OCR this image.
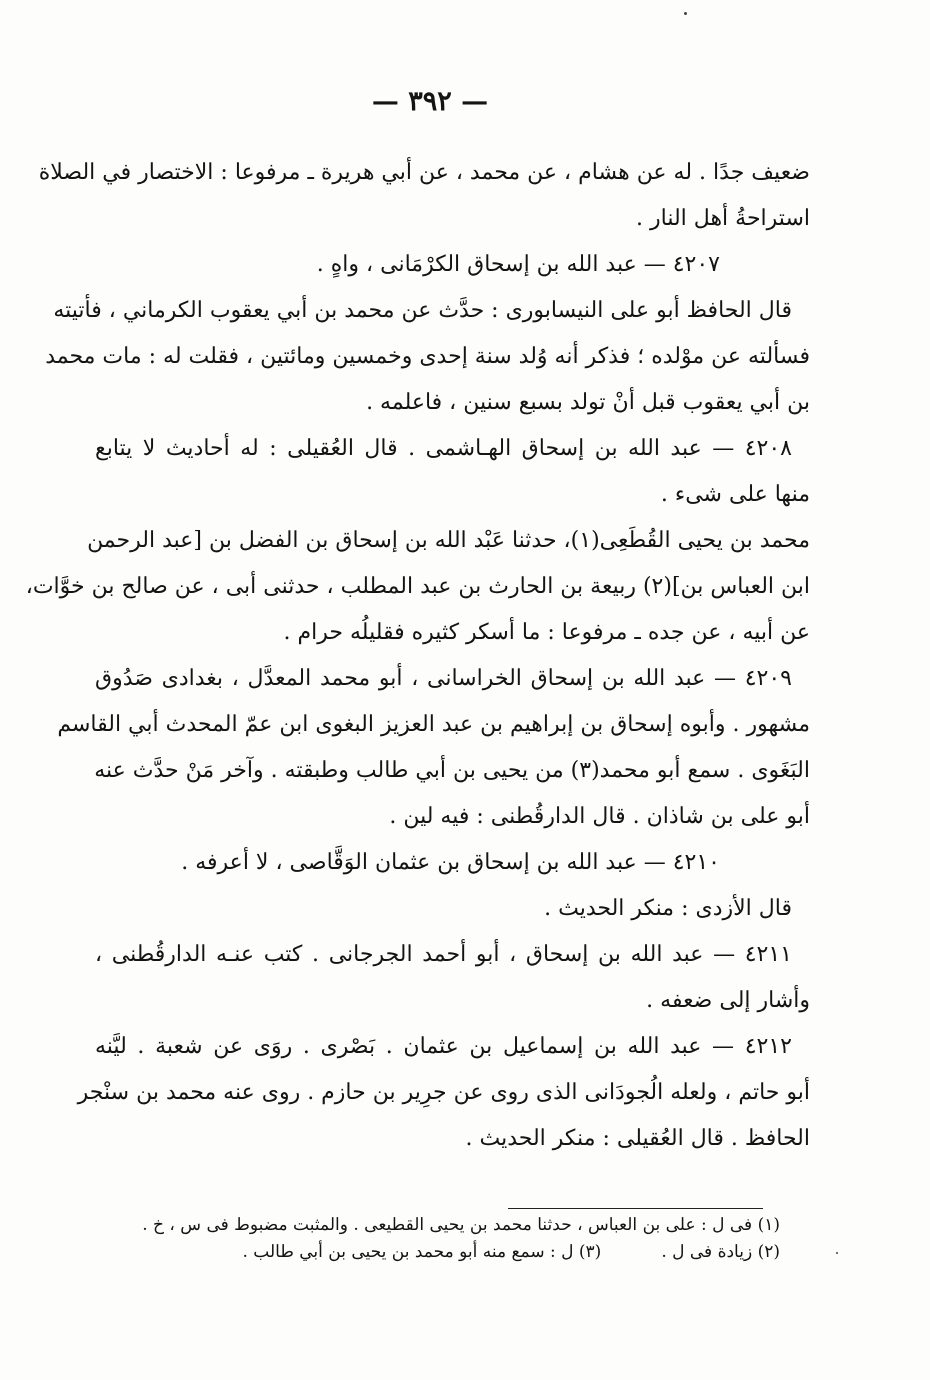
— ٣٩٢ —
ضعيف جدًا . له عن هشام ، عن محمد ، عن أبي هريرة ـ مرفوعا : الاختصار في الصلاة
استراحةُ أهل النار .
٤٢٠٧ — عبد الله بن إسحاق الكرْمَانى ، واهٍ .
قال الحافظ أبو على النيسابورى : حدَّث عن محمد بن أبي يعقوب الكرماني ، فأتيته
فسألته عن موْلده ؛ فذكر أنه وُلد سنة إحدى وخمسين ومائتين ، فقلت له : مات محمد
بن أبي يعقوب قبل أنْ تولد بسبع سنين ، فاعلمه .
٤٢٠٨ — عبد الله بن إسحاق الهـاشمى . قال العُقيلى : له أحاديث لا يتابع
منها على شىء .
محمد بن يحيى القُطَعِى(١)، حدثنا عَبْد الله بن إسحاق بن الفضل بن [عبد الرحمن
ابن العباس بن](٢) ربيعة بن الحارث بن عبد المطلب ، حدثنى أبى ، عن صالح بن خوَّات،
عن أبيه ، عن جده ـ مرفوعا : ما أسكر كثيره فقليلُه حرام .
٤٢٠٩ — عبد الله بن إسحاق الخراسانى ، أبو محمد المعدَّل ، بغدادى صَدُوق
مشهور . وأبوه إسحاق بن إبراهيم بن عبد العزيز البغوى ابن عمّ المحدث أبي القاسم
البَغَوى . سمع أبو محمد(٣) من يحيى بن أبي طالب وطبقته . وآخر مَنْ حدَّث عنه
أبو على بن شاذان . قال الدارقُطنى : فيه لين .
٤٢١٠ — عبد الله بن إسحاق بن عثمان الوَقَّاصى ، لا أعرفه .
قال الأزدى : منكر الحديث .
٤٢١١ — عبد الله بن إسحاق ، أبو أحمد الجرجانى . كتب عنـه الدارقُطنى ،
وأشار إلى ضعفه .
٤٢١٢ — عبد الله بن إسماعيل بن عثمان . بَصْرى . روَى عن شعبة . ليَّنه
أبو حاتم ، ولعله الُجودَانى الذى روى عن جرِير بن حازم . روى عنه محمد بن سنْجر
الحافظ . قال العُقيلى : منكر الحديث .
(١) فى ل : على بن العباس ، حدثنا محمد بن يحيى القطيعى . والمثبت مضبوط فى س ، خ .
(٢) زيادة فى ل .(٣) ل : سمع منه أبو محمد بن يحيى بن أبي طالب .
